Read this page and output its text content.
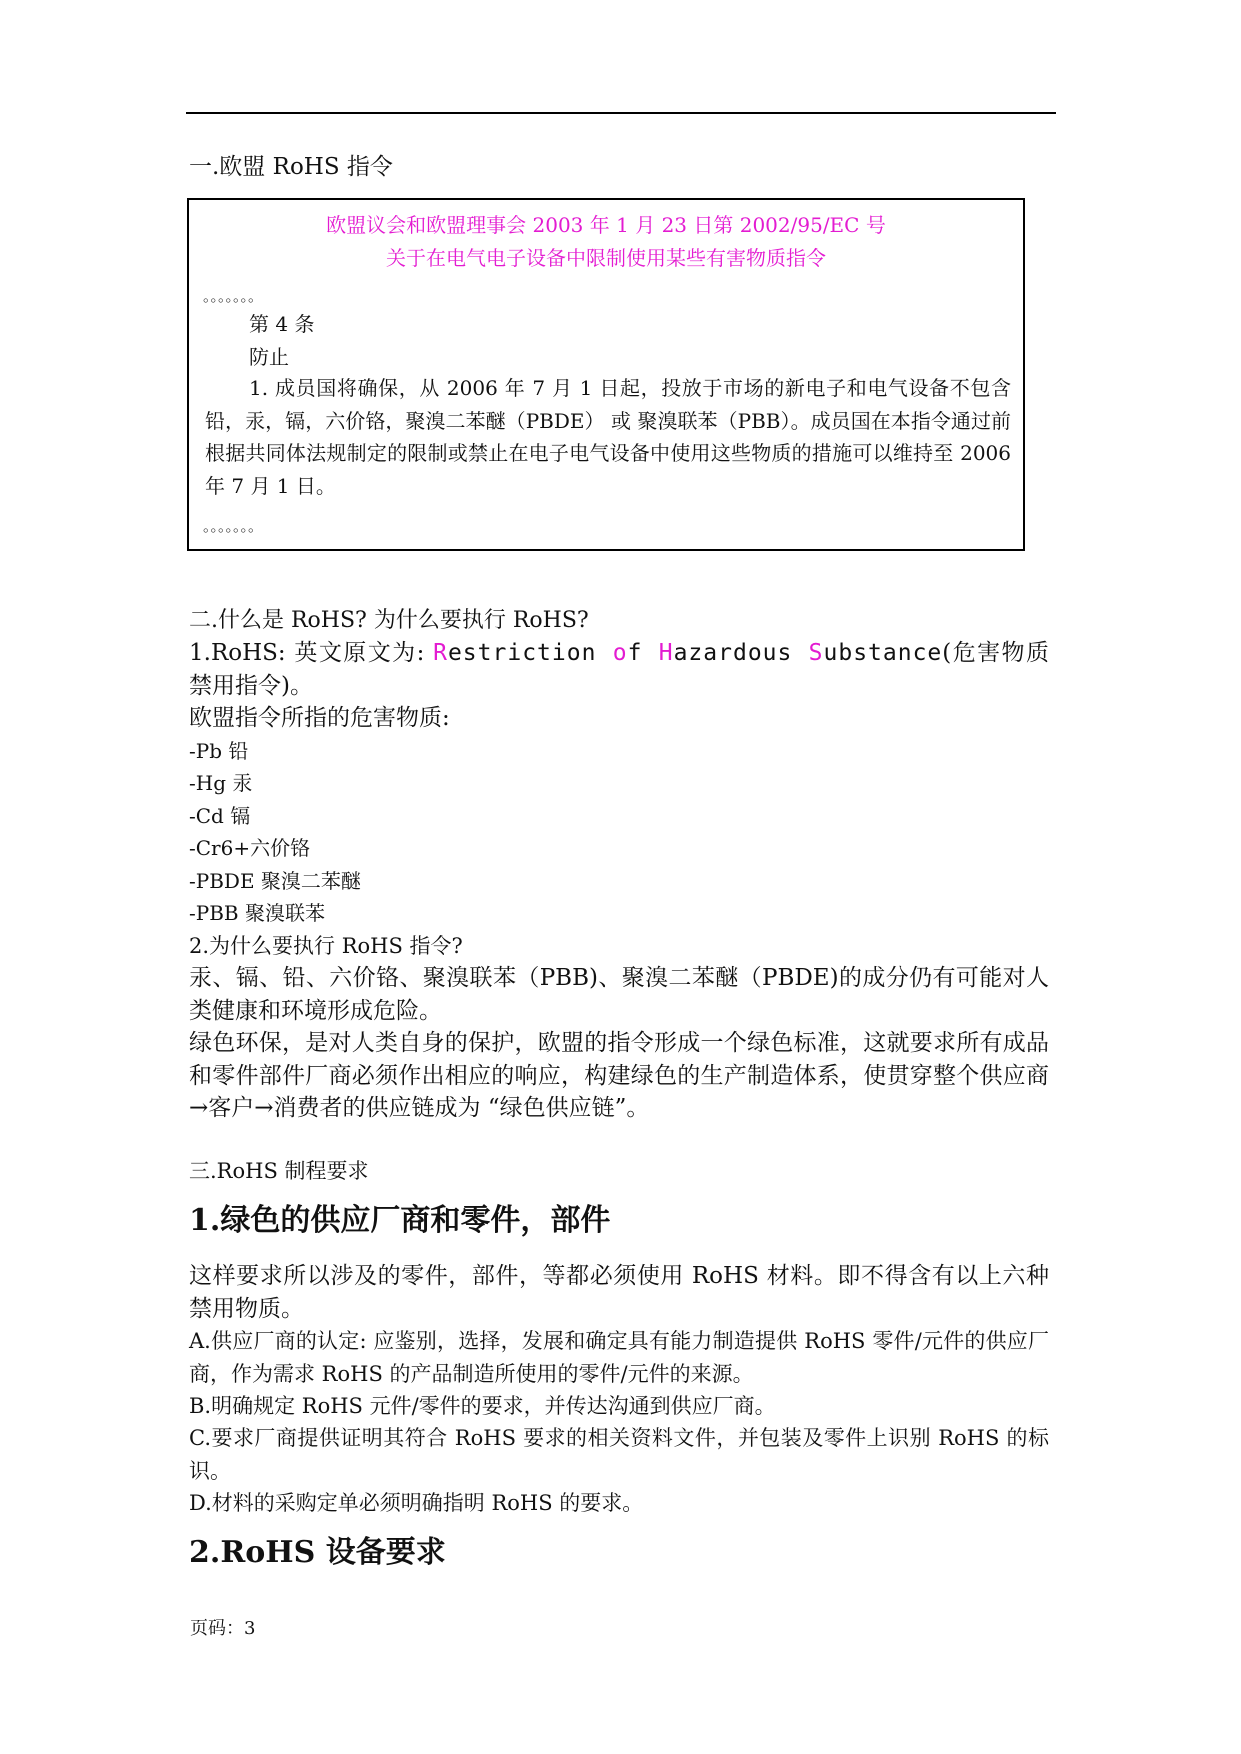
一.欧盟 RoHS 指令
欧盟议会和欧盟理事会 2003 年 1 月 23 日第 2002/95/EC 号
关于在电气电子设备中限制使用某些有害物质指令
。。。。。。。
第 4 条
防止
1. 成员国将确保，从 2006 年 7 月 1 日起，投放于市场的新电子和电气设备不包含铅，汞，镉，六价铬，聚溴二苯醚（PBDE） 或 聚溴联苯（PBB）。成员国在本指令通过前根据共同体法规制定的限制或禁止在电子电气设备中使用这些物质的措施可以维持至 2006 年 7 月 1 日。
。。。。。。。
二.什么是 RoHS? 为什么要执行 RoHS?
1.RoHS: 英文原文为: Restriction of Hazardous Substance(危害物质禁用指令)。
欧盟指令所指的危害物质:
-Pb 铅
-Hg 汞
-Cd 镉
-Cr6+六价铬
-PBDE 聚溴二苯醚
-PBB 聚溴联苯
2.为什么要执行 RoHS 指令?
汞、镉、铅、六价铬、聚溴联苯（PBB)、聚溴二苯醚（PBDE)的成分仍有可能对人类健康和环境形成危险。
绿色环保，是对人类自身的保护，欧盟的指令形成一个绿色标准，这就要求所有成品和零件部件厂商必须作出相应的响应，构建绿色的生产制造体系，使贯穿整个供应商→客户→消费者的供应链成为 “绿色供应链”。
三.RoHS 制程要求
1.绿色的供应厂商和零件，部件
这样要求所以涉及的零件，部件，等都必须使用 RoHS 材料。即不得含有以上六种禁用物质。
A.供应厂商的认定: 应鉴别，选择，发展和确定具有能力制造提供 RoHS 零件/元件的供应厂商，作为需求 RoHS 的产品制造所使用的零件/元件的来源。
B.明确规定 RoHS 元件/零件的要求，并传达沟通到供应厂商。
C.要求厂商提供证明其符合 RoHS 要求的相关资料文件，并包装及零件上识别 RoHS 的标识。
D.材料的采购定单必须明确指明 RoHS 的要求。
2.RoHS 设备要求
页码：3
